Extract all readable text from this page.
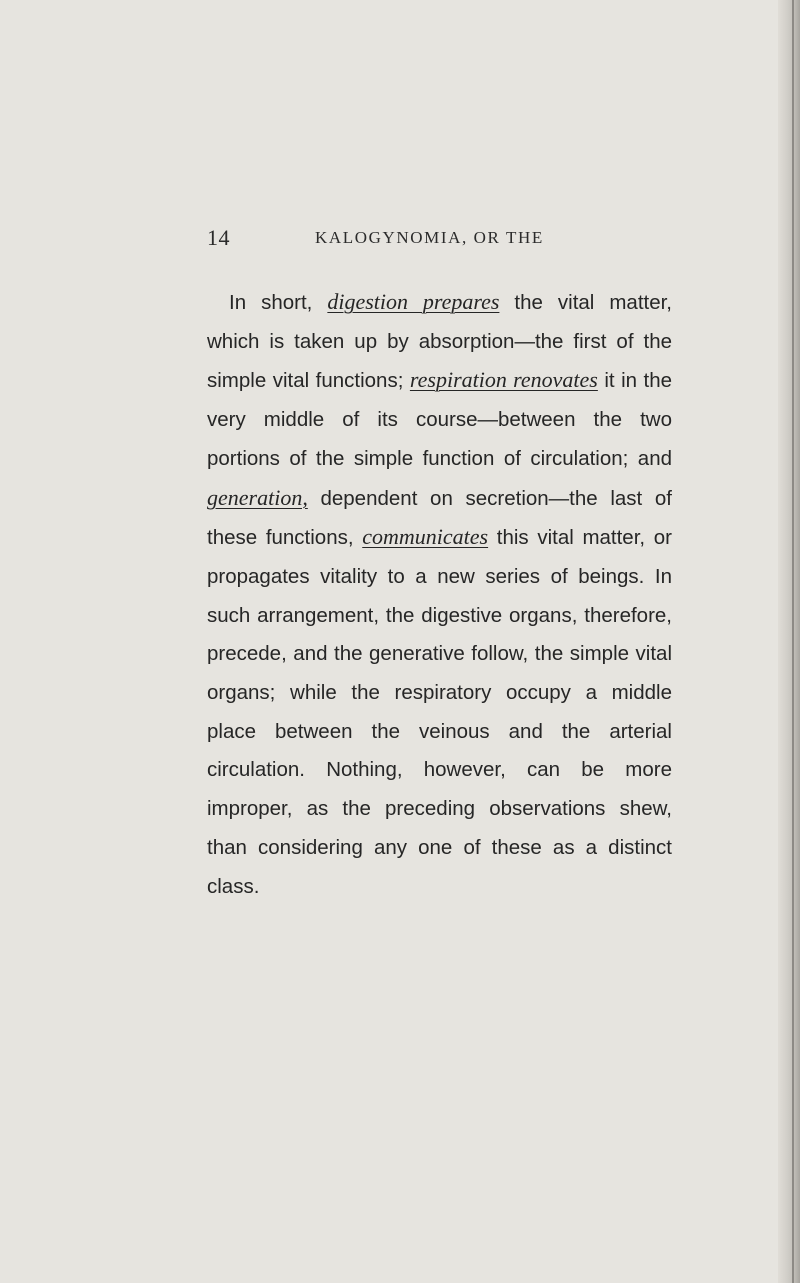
14	KALOGYNOMIA, OR THE

In short, digestion prepares the vital matter, which is taken up by absorption—the first of the simple vital functions; respiration renovates it in the very middle of its course—between the two portions of the simple function of circulation; and generation, dependent on secretion—the last of these functions, communicates this vital matter, or propagates vitality to a new series of beings. In such arrangement, the digestive organs, therefore, precede, and the generative follow, the simple vital organs; while the respiratory occupy a middle place between the veinous and the arterial circulation. Nothing, however, can be more improper, as the preceding observations shew, than considering any one of these as a distinct class.
